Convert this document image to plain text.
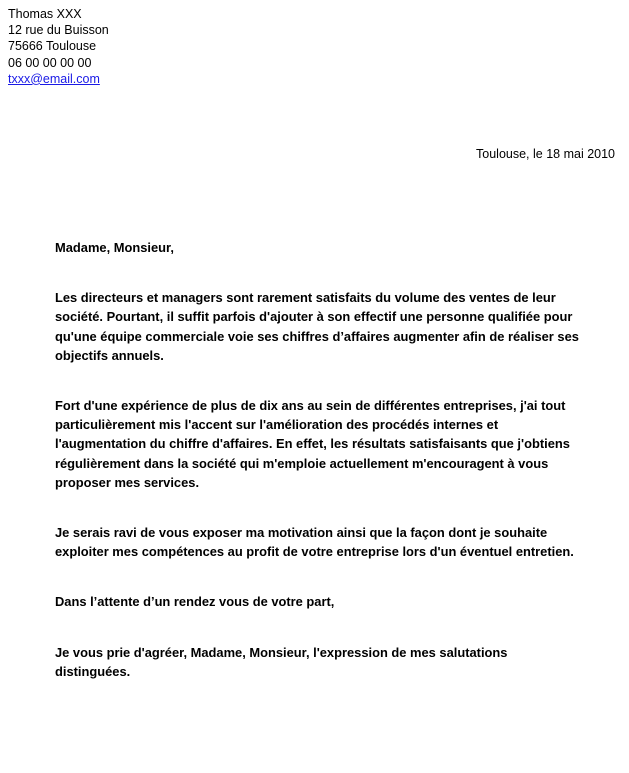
Thomas XXX
12 rue du Buisson
75666 Toulouse
06 00 00 00 00
txxx@email.com
Toulouse, le 18 mai 2010

Madame, Monsieur,

Les directeurs et managers sont rarement satisfaits du volume des ventes de leur société. Pourtant, il suffit parfois d'ajouter à son effectif une personne qualifiée pour qu'une équipe commerciale voie ses chiffres d’affaires augmenter afin de réaliser ses objectifs annuels.

Fort d'une expérience de plus de dix ans au sein de différentes entreprises, j'ai tout particulièrement mis l'accent sur l'amélioration des procédés internes et l'augmentation du chiffre d'affaires. En effet, les résultats satisfaisants que j'obtiens régulièrement dans la société qui m'emploie actuellement m'encouragent à vous proposer mes services.

Je serais ravi de vous exposer ma motivation ainsi que la façon dont je souhaite exploiter mes compétences au profit de votre entreprise lors d'un éventuel entretien.

Dans l’attente d’un rendez vous de votre part,

Je vous prie d'agréer, Madame, Monsieur, l'expression de mes salutations distinguées.
